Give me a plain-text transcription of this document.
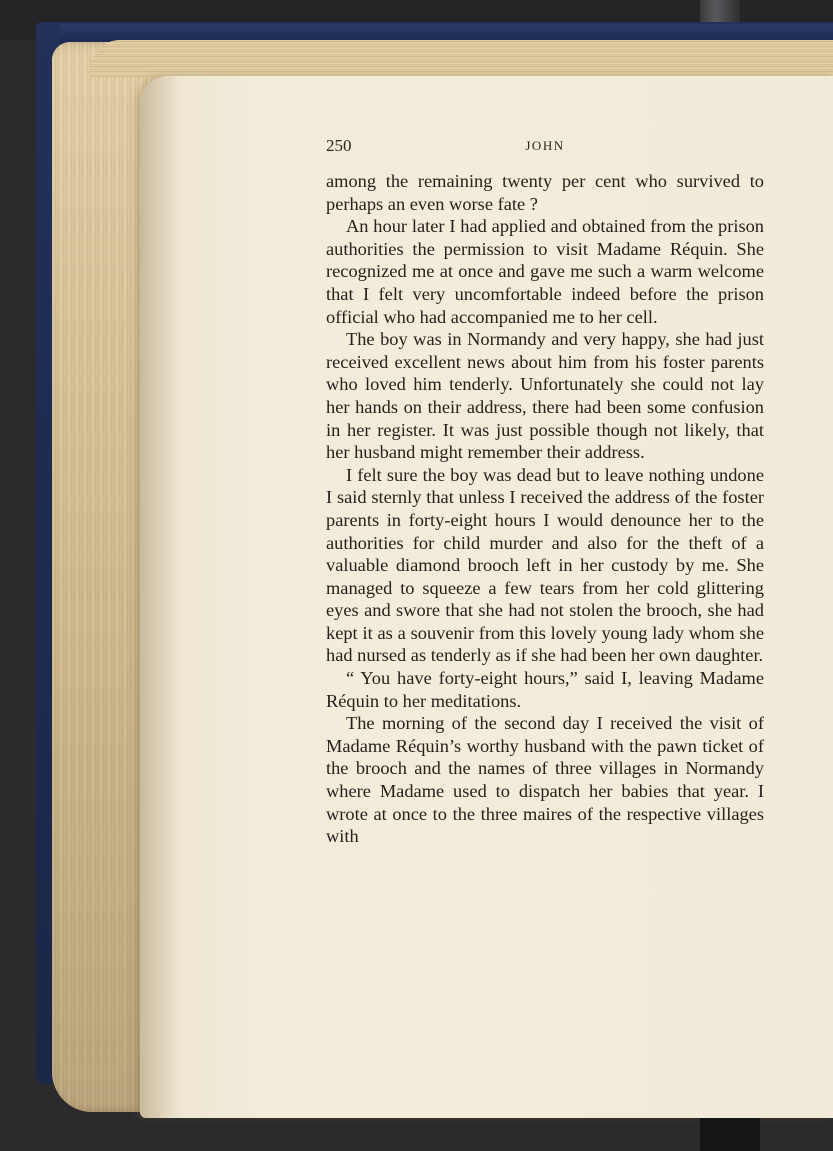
250	JOHN

among the remaining twenty per cent who survived to perhaps an even worse fate ?

An hour later I had applied and obtained from the prison authorities the permission to visit Madame Réquin. She recognized me at once and gave me such a warm welcome that I felt very uncomfortable indeed before the prison official who had accompanied me to her cell.

The boy was in Normandy and very happy, she had just received excellent news about him from his foster parents who loved him tenderly. Unfortunately she could not lay her hands on their address, there had been some confusion in her register. It was just possible though not likely, that her husband might remember their address.

I felt sure the boy was dead but to leave nothing undone I said sternly that unless I received the address of the foster parents in forty-eight hours I would denounce her to the authorities for child murder and also for the theft of a valuable diamond brooch left in her custody by me. She managed to squeeze a few tears from her cold glittering eyes and swore that she had not stolen the brooch, she had kept it as a souvenir from this lovely young lady whom she had nursed as tenderly as if she had been her own daughter.

“ You have forty-eight hours,” said I, leaving Madame Réquin to her meditations.

The morning of the second day I received the visit of Madame Réquin’s worthy husband with the pawn ticket of the brooch and the names of three villages in Normandy where Madame used to dispatch her babies that year. I wrote at once to the three maires of the respective villages with
